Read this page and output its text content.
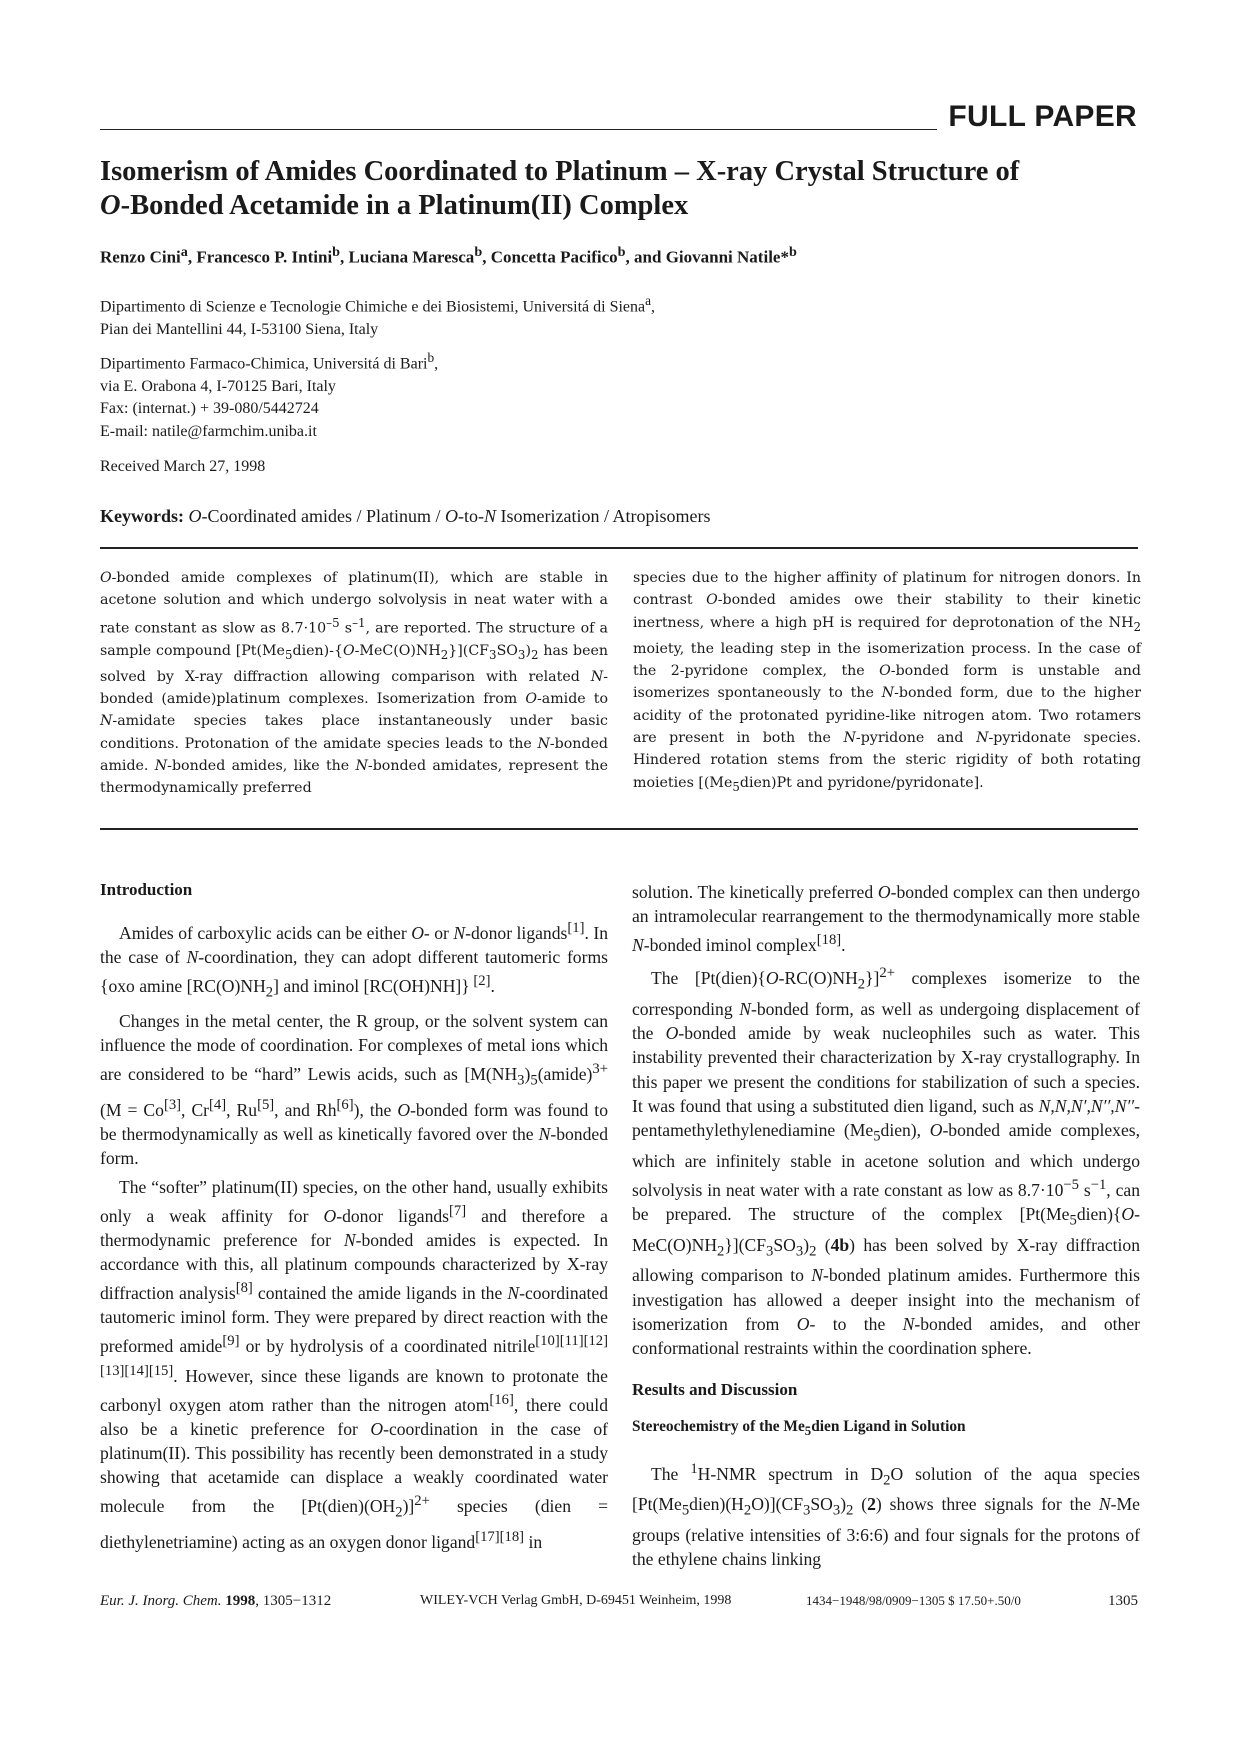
FULL PAPER
Isomerism of Amides Coordinated to Platinum – X-ray Crystal Structure of
O-Bonded Acetamide in a Platinum(II) Complex
Renzo Cini$^a$, Francesco P. Intini$^b$, Luciana Maresca$^b$, Concetta Pacifico$^b$, and Giovanni Natile*$^b$
Dipartimento di Scienze e Tecnologie Chimiche e dei Biosistemi, Universitá di Siena$^a$,
Pian dei Mantellini 44, I-53100 Siena, Italy
Dipartimento Farmaco-Chimica, Universitá di Bari$^b$,
via E. Orabona 4, I-70125 Bari, Italy
Fax: (internat.) + 39-080/5442724
E-mail: natile@farmchim.uniba.it
Received March 27, 1998
Keywords: O-Coordinated amides / Platinum / O-to-N Isomerization / Atropisomers

O-bonded amide complexes of platinum(II), which are stable in acetone solution and which undergo solvolysis in neat water with a rate constant as slow as $8.7\cdot 10^{-5}$ $s^{-1}$, are reported. The structure of a sample compound $[Pt(Me_5dien)-\{O-MeC(O)NH_2\}](CF_3SO_3)_2$ has been solved by X-ray diffraction allowing comparison with related N-bonded (amide)platinum complexes. Isomerization from O-amide to N-amidate species takes place instantaneously under basic conditions. Protonation of the amidate species leads to the N-bonded amide. N-bonded amides, like the N-bonded amidates, represent the thermodynamically preferred

species due to the higher affinity of platinum for nitrogen donors. In contrast O-bonded amides owe their stability to their kinetic inertness, where a high pH is required for deprotonation of the $NH_2$ moiety, the leading step in the isomerization process. In the case of the 2-pyridone complex, the O-bonded form is unstable and isomerizes spontaneously to the N-bonded form, due to the higher acidity of the protonated pyridine-like nitrogen atom. Two rotamers are present in both the N-pyridone and N-pyridonate species. Hindered rotation stems from the steric rigidity of both rotating moieties [$(Me_5dien)Pt$ and pyridone/pyridonate].

Introduction

Amides of carboxylic acids can be either O- or N-donor ligands[1]. In the case of N-coordination, they can adopt different tautomeric forms {oxo amine $[RC(O)NH_2]$ and iminol [RC(OH)NH]} [2].

Changes in the metal center, the R group, or the solvent system can influence the mode of coordination. For complexes of metal ions which are considered to be “hard” Lewis acids, such as [$M(NH_3)_5(amide)^{3+}$ (M = Co[3], Cr[4], Ru[5], and Rh[6]), the O-bonded form was found to be thermodynamically as well as kinetically favored over the N-bonded form.

The “softer” platinum(II) species, on the other hand, usually exhibits only a weak affinity for O-donor ligands[7] and therefore a thermodynamic preference for N-bonded amides is expected. In accordance with this, all platinum compounds characterized by X-ray diffraction analysis[8] contained the amide ligands in the N-coordinated tautomeric iminol form. They were prepared by direct reaction with the preformed amide[9] or by hydrolysis of a coordinated nitrile[10][11][12][13][14][15]. However, since these ligands are known to protonate the carbonyl oxygen atom rather than the nitrogen atom[16], there could also be a kinetic preference for O-coordination in the case of platinum(II). This possibility has recently been demonstrated in a study showing that acetamide can displace a weakly coordinated water molecule from the $[Pt(dien)(OH_2)]^{2+}$ species (dien = diethylenetriamine) acting as an oxygen donor ligand[17][18] in

solution. The kinetically preferred O-bonded complex can then undergo an intramolecular rearrangement to the thermodynamically more stable N-bonded iminol complex[18].

The $[Pt(dien)\{O-RC(O)NH_2\}]^{2+}$ complexes isomerize to the corresponding N-bonded form, as well as undergoing displacement of the O-bonded amide by weak nucleophiles such as water. This instability prevented their characterization by X-ray crystallography. In this paper we present the conditions for stabilization of such a species. It was found that using a substituted dien ligand, such as N,N,N′,N′′,N′′-pentamethylethylenediamine $(Me_5dien)$, O-bonded amide complexes, which are infinitely stable in acetone solution and which undergo solvolysis in neat water with a rate constant as low as $8.7\cdot 10^{-5}$ $s^{-1}$, can be prepared. The structure of the complex $[Pt(Me_5dien)\{O-MeC(O)NH_2\}](CF_3SO_3)_2$ (4b) has been solved by X-ray diffraction allowing comparison to N-bonded platinum amides. Furthermore this investigation has allowed a deeper insight into the mechanism of isomerization from O- to the N-bonded amides, and other conformational restraints within the coordination sphere.

Results and Discussion
Stereochemistry of the $Me_5dien$ Ligand in Solution

The $^1$H-NMR spectrum in $D_2O$ solution of the aqua species $[Pt(Me_5dien)(H_2O)](CF_3SO_3)_2$ (2) shows three signals for the N-Me groups (relative intensities of 3:6:6) and four signals for the protons of the ethylene chains linking

Eur. J. Inorg. Chem. 1998, 1305−1312	WILEY-VCH Verlag GmbH, D-69451 Weinheim, 1998	1434−1948/98/0909−1305 $ 17.50+.50/0	1305
